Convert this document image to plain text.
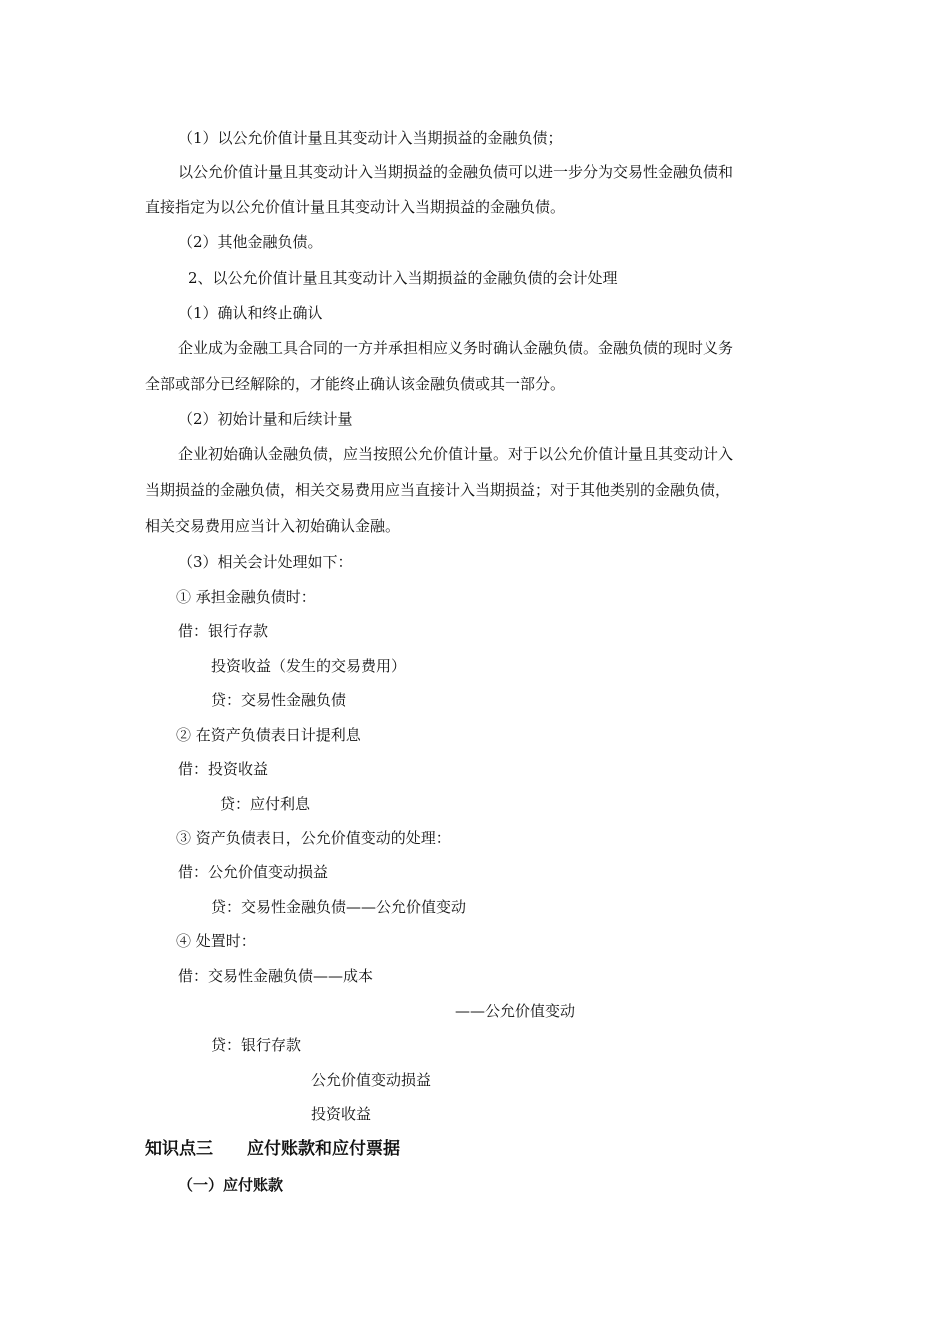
（1）以公允价值计量且其变动计入当期损益的金融负债；
以公允价值计量且其变动计入当期损益的金融负债可以进一步分为交易性金融负债和
直接指定为以公允价值计量且其变动计入当期损益的金融负债。
（2）其他金融负债。
2、以公允价值计量且其变动计入当期损益的金融负债的会计处理
（1）确认和终止确认
企业成为金融工具合同的一方并承担相应义务时确认金融负债。金融负债的现时义务
全部或部分已经解除的，才能终止确认该金融负债或其一部分。
（2）初始计量和后续计量
企业初始确认金融负债，应当按照公允价值计量。对于以公允价值计量且其变动计入
当期损益的金融负债，相关交易费用应当直接计入当期损益；对于其他类别的金融负债，
相关交易费用应当计入初始确认金融。
（3）相关会计处理如下：
① 承担金融负债时：
借：银行存款
投资收益（发生的交易费用）
贷：交易性金融负债
② 在资产负债表日计提利息
借：投资收益
贷：应付利息
③ 资产负债表日，公允价值变动的处理：
借：公允价值变动损益
贷：交易性金融负债——公允价值变动
④ 处置时：
借：交易性金融负债——成本
——公允价值变动
贷：银行存款
公允价值变动损益
投资收益
知识点三　　应付账款和应付票据
（一）应付账款
